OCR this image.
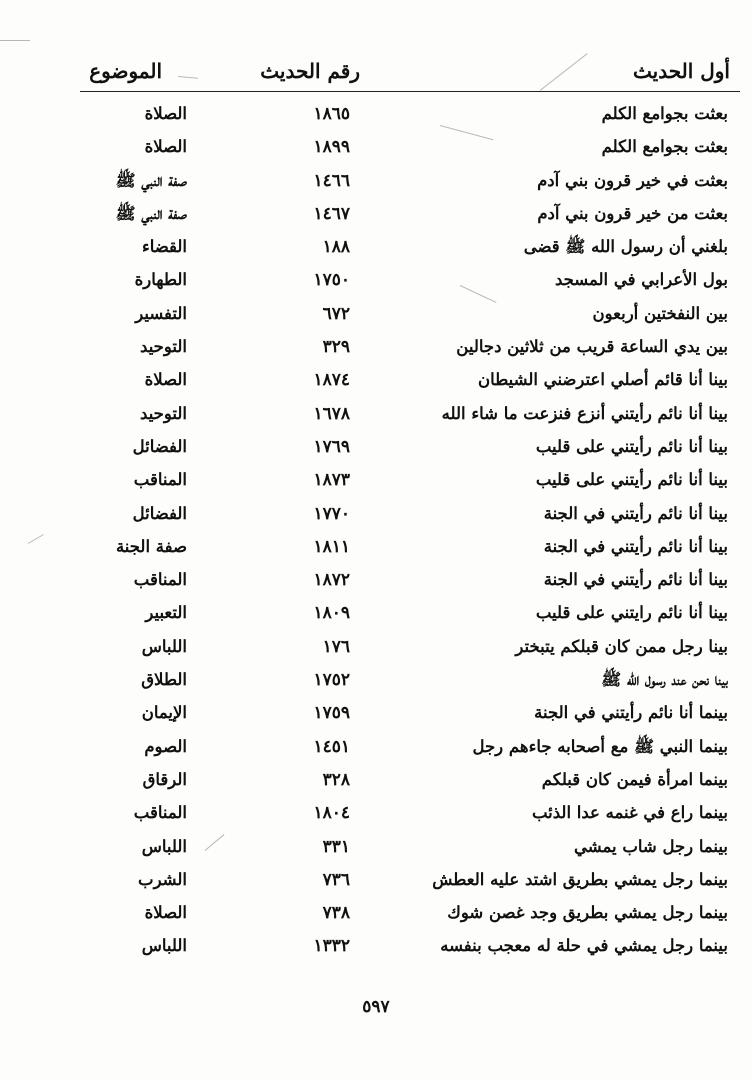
أول الحديث
رقم الحديث
الموضوع
بعثت بجوامع الكلم
١٨٦٥
الصلاة
بعثت بجوامع الكلم
١٨٩٩
الصلاة
بعثت في خير قرون بني آدم
١٤٦٦
صفة النبي ﷺ
بعثت من خير قرون بني آدم
١٤٦٧
صفة النبي ﷺ
بلغني أن رسول الله ﷺ قضى
١٨٨
القضاء
بول الأعرابي في المسجد
١٧٥٠
الطهارة
بين النفختين أربعون
٦٧٢
التفسير
بين يدي الساعة قريب من ثلاثين دجالين
٣٢٩
التوحيد
بينا أنا قائم أصلي اعترضني الشيطان
١٨٧٤
الصلاة
بينا أنا نائم رأيتني أنزع فنزعت ما شاء الله
١٦٧٨
التوحيد
بينا أنا نائم رأيتني على قليب
١٧٦٩
الفضائل
بينا أنا نائم رأيتني على قليب
١٨٧٣
المناقب
بينا أنا نائم رأيتني في الجنة
١٧٧٠
الفضائل
بينا أنا نائم رأيتني في الجنة
١٨١١
صفة الجنة
بينا أنا نائم رأيتني في الجنة
١٨٧٢
المناقب
بينا أنا نائم رايتني على قليب
١٨٠٩
التعبير
بينا رجل ممن كان قبلكم يتبختر
١٧٦
اللباس
بينا نحن عند رسول الله ﷺ
١٧٥٢
الطلاق
بينما أنا نائم رأيتني في الجنة
١٧٥٩
الإيمان
بينما النبي ﷺ مع أصحابه جاءهم رجل
١٤٥١
الصوم
بينما امرأة فيمن كان قبلكم
٣٢٨
الرقاق
بينما راع في غنمه عدا الذئب
١٨٠٤
المناقب
بينما رجل شاب يمشي
٣٣١
اللباس
بينما رجل يمشي بطريق اشتد عليه العطش
٧٣٦
الشرب
بينما رجل يمشي بطريق وجد غصن شوك
٧٣٨
الصلاة
بينما رجل يمشي في حلة له معجب بنفسه
١٣٣٢
اللباس
٥٩٧
